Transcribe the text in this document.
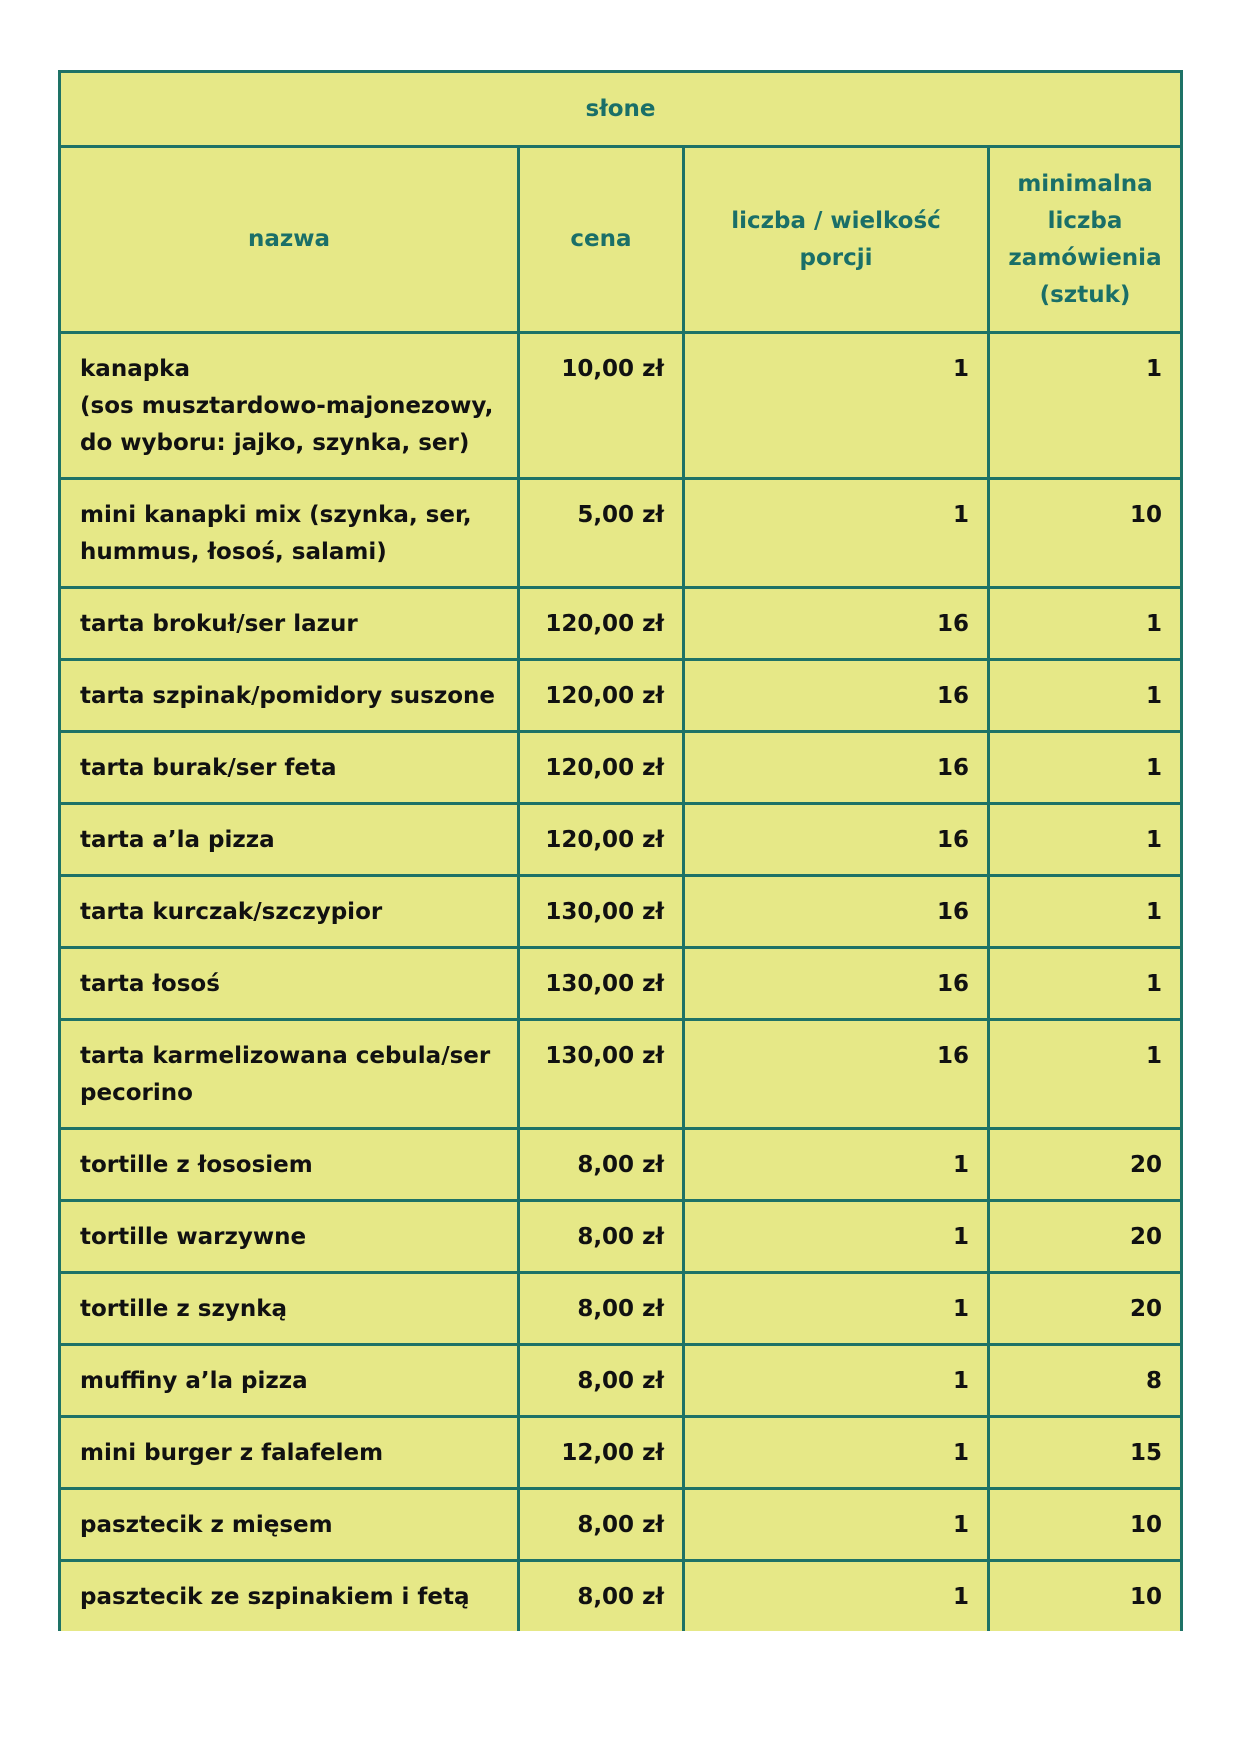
słone			
nazwa	cena	liczba / wielkość porcji	minimalna liczba zamówienia (sztuk)
kanapka
(sos musztardowo-majonezowy,
do wyboru: jajko, szynka, ser)	10,00 zł	1	1
mini kanapki mix (szynka, ser,
hummus, łosoś, salami)	5,00 zł	1	10
tarta brokuł/ser lazur	120,00 zł	16	1
tarta szpinak/pomidory suszone	120,00 zł	16	1
tarta burak/ser feta	120,00 zł	16	1
tarta a’la pizza	120,00 zł	16	1
tarta kurczak/szczypior	130,00 zł	16	1
tarta łosoś	130,00 zł	16	1
tarta karmelizowana cebula/ser
pecorino	130,00 zł	16	1
tortille z łososiem	8,00 zł	1	20
tortille warzywne	8,00 zł	1	20
tortille z szynką	8,00 zł	1	20
muffiny a’la pizza	8,00 zł	1	8
mini burger z falafelem	12,00 zł	1	15
pasztecik z mięsem	8,00 zł	1	10
pasztecik ze szpinakiem i fetą	8,00 zł	1	10
